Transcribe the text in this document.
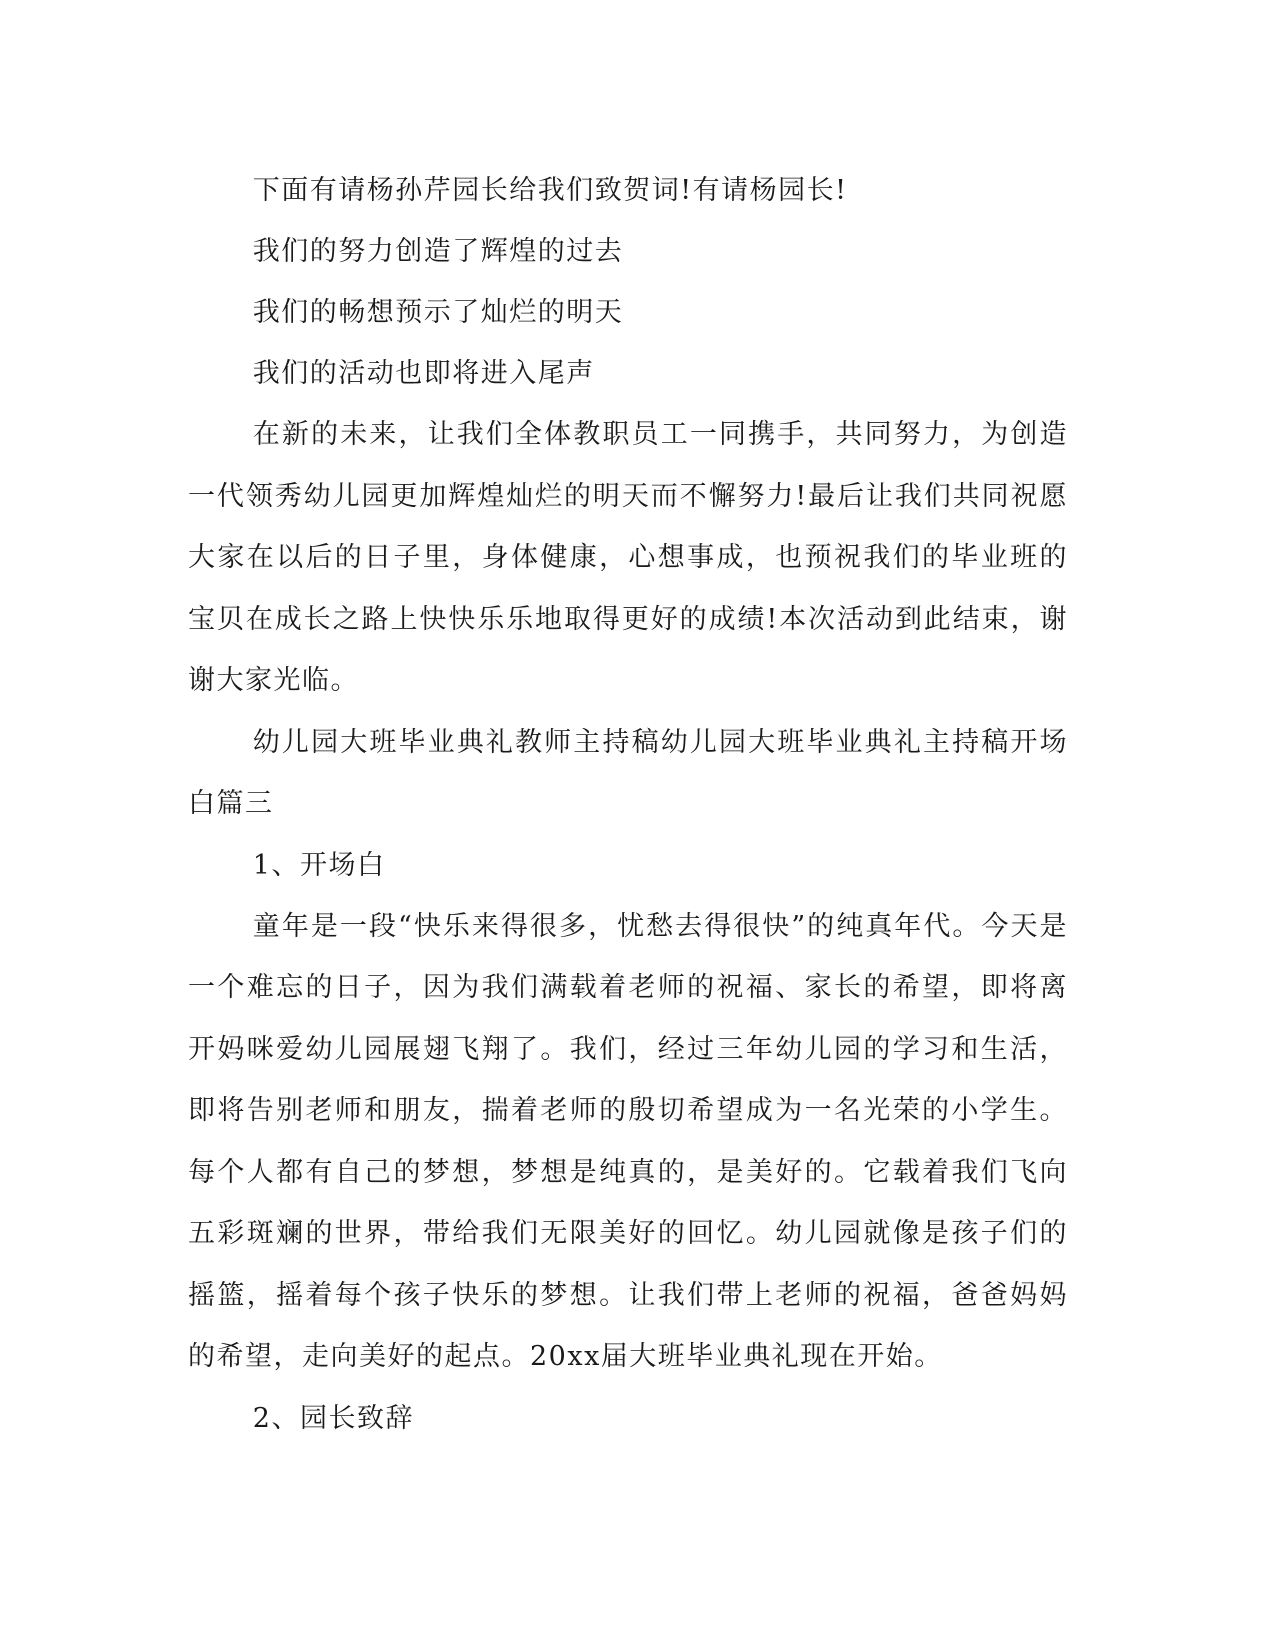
下面有请杨孙芹园长给我们致贺词!有请杨园长!

我们的努力创造了辉煌的过去

我们的畅想预示了灿烂的明天

我们的活动也即将进入尾声

在新的未来，让我们全体教职员工一同携手，共同努力，为创造一代领秀幼儿园更加辉煌灿烂的明天而不懈努力!最后让我们共同祝愿大家在以后的日子里，身体健康，心想事成，也预祝我们的毕业班的宝贝在成长之路上快快乐乐地取得更好的成绩!本次活动到此结束，谢谢大家光临。

幼儿园大班毕业典礼教师主持稿幼儿园大班毕业典礼主持稿开场白篇三

1、开场白

童年是一段“快乐来得很多，忧愁去得很快”的纯真年代。今天是一个难忘的日子，因为我们满载着老师的祝福、家长的希望，即将离开妈咪爱幼儿园展翅飞翔了。我们，经过三年幼儿园的学习和生活，即将告别老师和朋友，揣着老师的殷切希望成为一名光荣的小学生。每个人都有自己的梦想，梦想是纯真的，是美好的。它载着我们飞向五彩斑斓的世界，带给我们无限美好的回忆。幼儿园就像是孩子们的摇篮，摇着每个孩子快乐的梦想。让我们带上老师的祝福，爸爸妈妈的希望，走向美好的起点。20xx届大班毕业典礼现在开始。

2、园长致辞
